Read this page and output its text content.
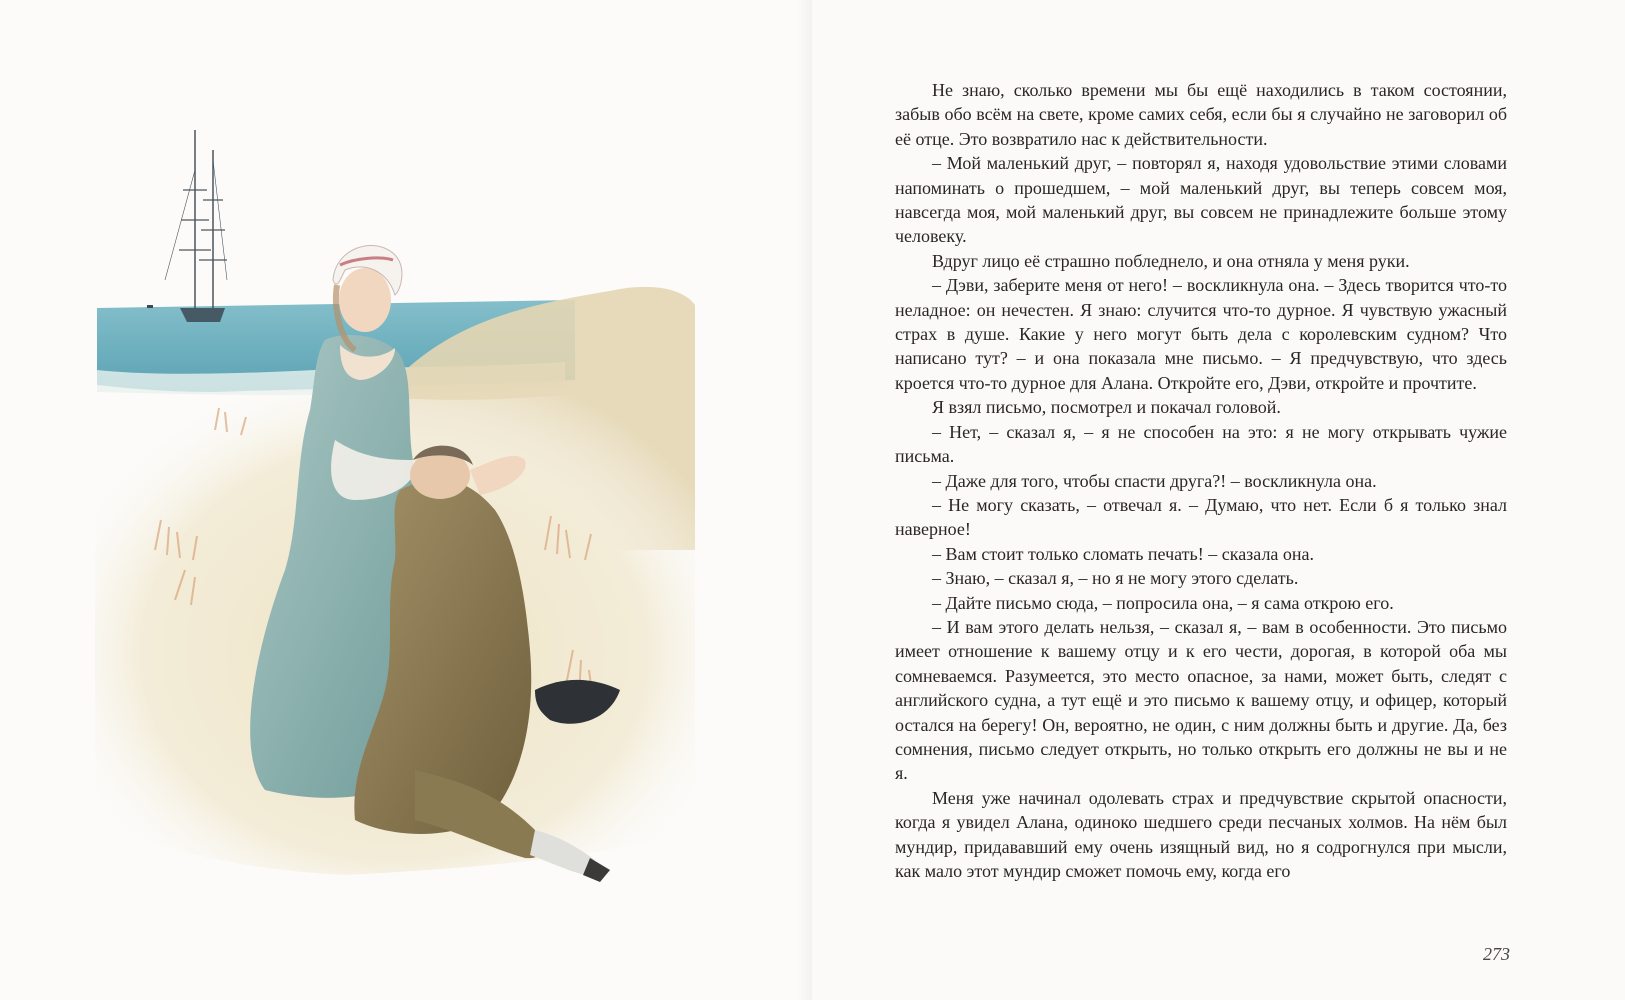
Не знаю, сколько времени мы бы ещё находились в таком состоянии, забыв обо всём на свете, кроме самих себя, если бы я случайно не заговорил об её отце. Это возвратило нас к действительности.

– Мой маленький друг, – повторял я, находя удовольствие этими словами напоминать о прошедшем, – мой маленький друг, вы теперь совсем моя, навсегда моя, мой маленький друг, вы совсем не принадлежите больше этому человеку.

Вдруг лицо её страшно побледнело, и она отняла у меня руки.

– Дэви, заберите меня от него! – воскликнула она. – Здесь творится что-то неладное: он нечестен. Я знаю: случится что-то дурное. Я чувствую ужасный страх в душе. Какие у него могут быть дела с королевским судном? Что написано тут? – и она показала мне письмо. – Я предчувствую, что здесь кроется что-то дурное для Алана. Откройте его, Дэви, откройте и прочтите.

Я взял письмо, посмотрел и покачал головой.

– Нет, – сказал я, – я не способен на это: я не могу открывать чужие письма.

– Даже для того, чтобы спасти друга?! – воскликнула она.

– Не могу сказать, – отвечал я. – Думаю, что нет. Если б я только знал наверное!

– Вам стоит только сломать печать! – сказала она.

– Знаю, – сказал я, – но я не могу этого сделать.

– Дайте письмо сюда, – попросила она, – я сама открою его.

– И вам этого делать нельзя, – сказал я, – вам в особенности. Это письмо имеет отношение к вашему отцу и к его чести, дорогая, в которой оба мы сомневаемся. Разумеется, это место опасное, за нами, может быть, следят с английского судна, а тут ещё и это письмо к вашему отцу, и офицер, который остался на берегу! Он, вероятно, не один, с ним должны быть и другие. Да, без сомнения, письмо следует открыть, но только открыть его должны не вы и не я.

Меня уже начинал одолевать страх и предчувствие скрытой опасности, когда я увидел Алана, одиноко шедшего среди песчаных холмов. На нём был мундир, придававший ему очень изящный вид, но я содрогнулся при мысли, как мало этот мундир сможет помочь ему, когда его

273
